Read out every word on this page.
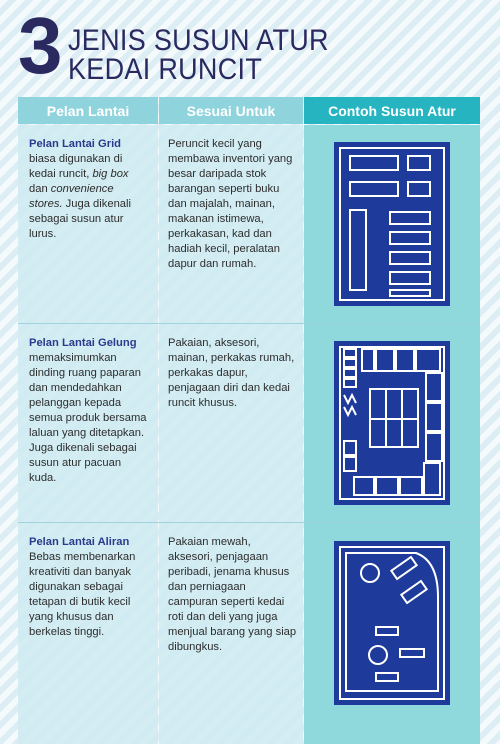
3 JENIS SUSUN ATUR
KEDAI RUNCIT
Pelan Lantai	Sesuai Untuk	Contoh Susun Atur
Pelan Lantai Grid
biasa digunakan di kedai runcit, big box dan convenience stores. Juga dikenali sebagai susun atur lurus.
Peruncit kecil yang membawa inventori yang besar daripada stok barangan seperti buku dan majalah, mainan, makanan istimewa, perkakasan, kad dan hadiah kecil, peralatan dapur dan rumah.
Pelan Lantai Gelung
memaksimumkan dinding ruang paparan dan mendedahkan pelanggan kepada semua produk bersama laluan yang ditetapkan. Juga dikenali sebagai susun atur pacuan kuda.
Pakaian, aksesori, mainan, perkakas rumah, perkakas dapur, penjagaan diri dan kedai runcit khusus.
Pelan Lantai Aliran
Bebas membenarkan kreativiti dan banyak digunakan sebagai tetapan di butik kecil yang khusus dan berkelas tinggi.
Pakaian mewah, aksesori, penjagaan peribadi, jenama khusus dan perniagaan campuran seperti kedai roti dan deli yang juga menjual barang yang siap dibungkus.
